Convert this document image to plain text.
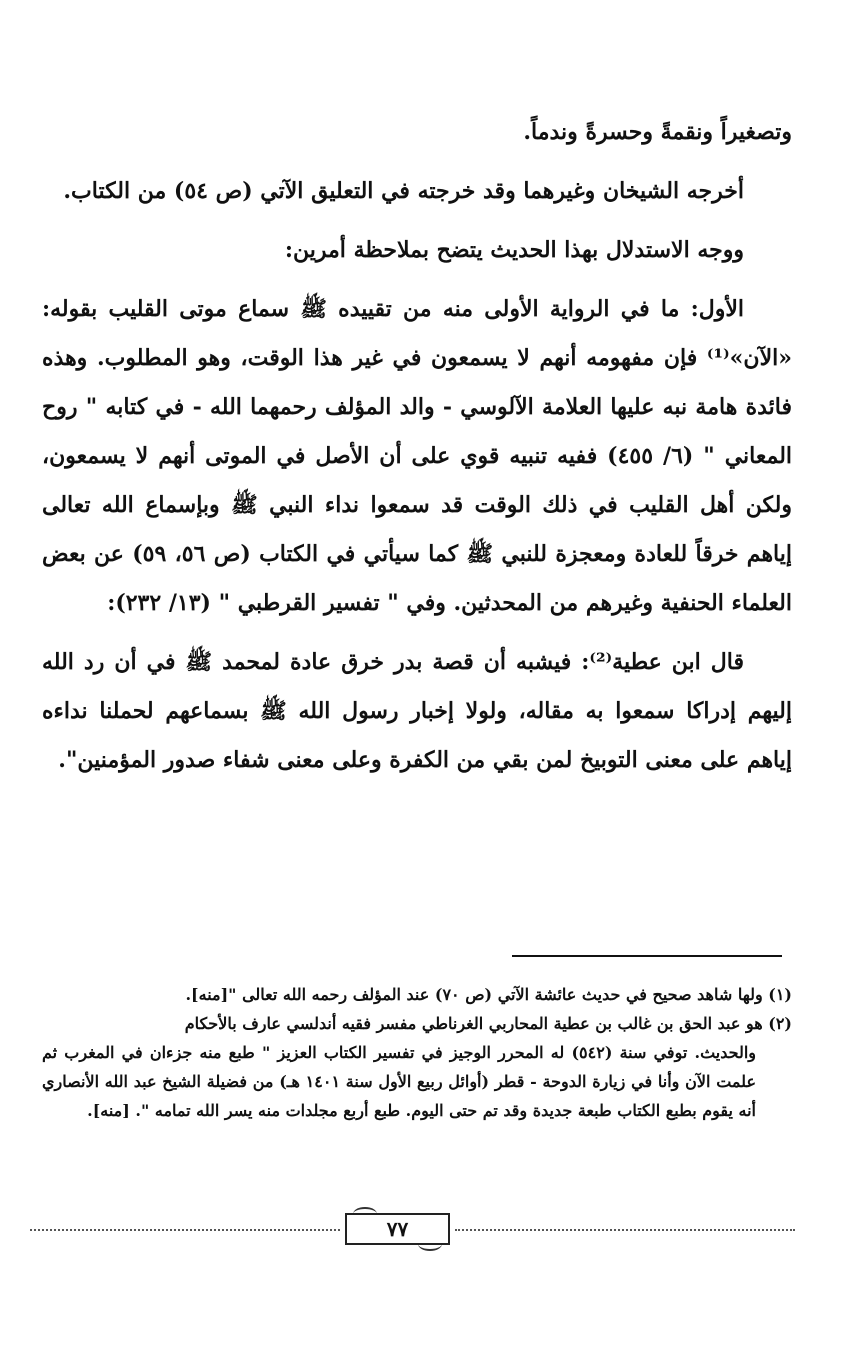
وتصغيراً ونقمةً وحسرةً وندماً.

أخرجه الشيخان وغيرهما وقد خرجته في التعليق الآتي (ص ٥٤) من الكتاب.

ووجه الاستدلال بهذا الحديث يتضح بملاحظة أمرين:

الأول: ما في الرواية الأولى منه من تقييده ﷺ سماع موتى القليب بقوله: «الآن»⁽¹⁾ فإن مفهومه أنهم لا يسمعون في غير هذا الوقت، وهو المطلوب. وهذه فائدة هامة نبه عليها العلامة الآلوسي - والد المؤلف رحمهما الله - في كتابه " روح المعاني " (٦/ ٤٥٥) ففيه تنبيه قوي على أن الأصل في الموتى أنهم لا يسمعون، ولكن أهل القليب في ذلك الوقت قد سمعوا نداء النبي ﷺ وبإسماع الله تعالى إياهم خرقاً للعادة ومعجزة للنبي ﷺ كما سيأتي في الكتاب (ص ٥٦، ٥٩) عن بعض العلماء الحنفية وغيرهم من المحدثين. وفي " تفسير القرطبي " (١٣/ ٢٣٢):

قال ابن عطية⁽²⁾: فيشبه أن قصة بدر خرق عادة لمحمد ﷺ في أن رد الله إليهم إدراكا سمعوا به مقاله، ولولا إخبار رسول الله ﷺ بسماعهم لحملنا نداءه إياهم على معنى التوبيخ لمن بقي من الكفرة وعلى معنى شفاء صدور المؤمنين".

(١) ولها شاهد صحيح في حديث عائشة الآتي (ص ٧٠) عند المؤلف رحمه الله تعالى "[منه].

(٢) هو عبد الحق بن غالب بن عطية المحاربي الغرناطي مفسر فقيه أندلسي عارف بالأحكام

والحديث. توفي سنة (٥٤٢) له المحرر الوجيز في تفسير الكتاب العزيز " طبع منه جزءان في المغرب ثم علمت الآن وأنا في زيارة الدوحة - قطر (أوائل ربيع الأول سنة ١٤٠١ هـ) من فضيلة الشيخ عبد الله الأنصاري أنه يقوم بطبع الكتاب طبعة جديدة وقد تم حتى اليوم. طبع أربع مجلدات منه يسر الله تمامه ". [منه].

٧٧
